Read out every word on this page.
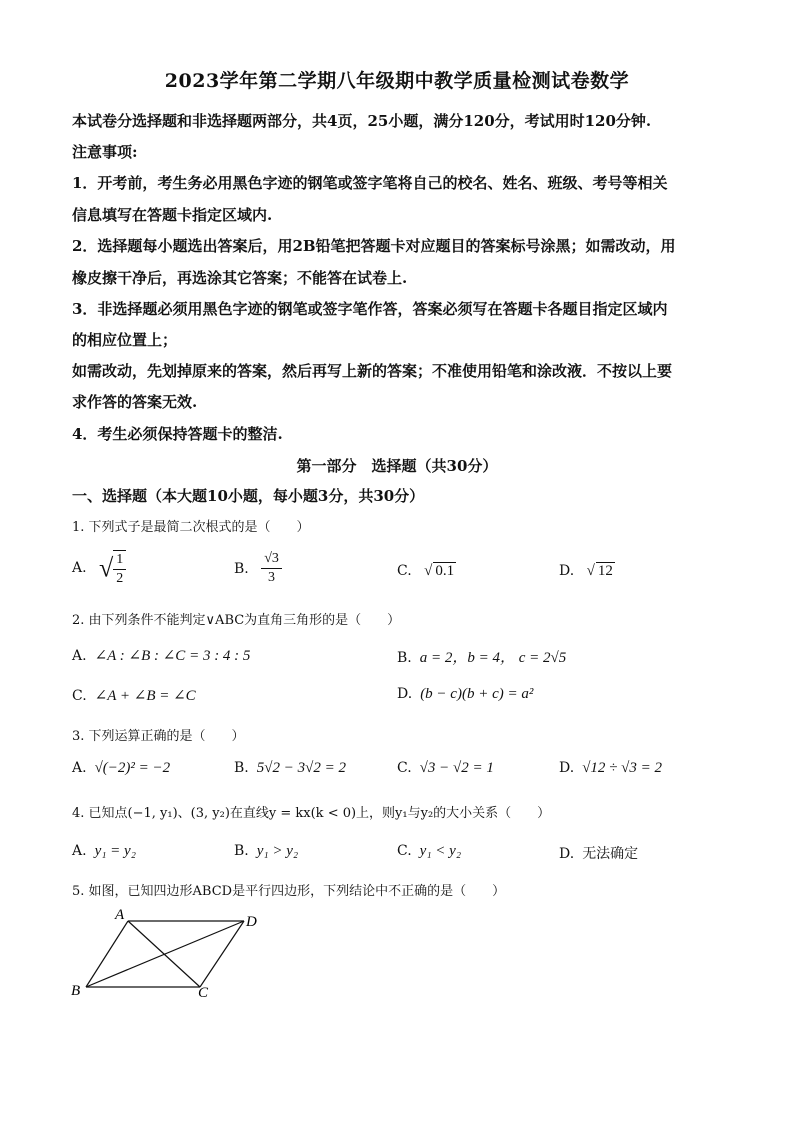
2023学年第二学期八年级期中教学质量检测试卷数学
本试卷分选择题和非选择题两部分，共4页，25小题，满分120分，考试用时120分钟.
注意事项:
1．开考前，考生务必用黑色字迹的钢笔或签字笔将自己的校名、姓名、班级、考号等相关
信息填写在答题卡指定区域内.
2．选择题每小题选出答案后，用2B铅笔把答题卡对应题目的答案标号涂黑；如需改动，用
橡皮擦干净后，再选涂其它答案；不能答在试卷上.
3．非选择题必须用黑色字迹的钢笔或签字笔作答，答案必须写在答题卡各题目指定区域内
的相应位置上；
如需改动，先划掉原来的答案，然后再写上新的答案；不准使用铅笔和涂改液．不按以上要
求作答的答案无效.
4．考生必须保持答题卡的整洁.
第一部分　选择题（共30分）
一、选择题（本大题10小题，每小题3分，共30分）
1. 下列式子是最简二次根式的是（　　）
A. √ $\frac{1}{2}$	B. $\frac{√3}{3}$	C. √ 0.1	D. √ 12
2. 由下列条件不能判定∨ABC为直角三角形的是（　　）
A. ∠A : ∠B : ∠C = 3 : 4 : 5	B. a = 2，b = 4， c = 2√5
C. ∠A + ∠B = ∠C	D. (b − c)(b + c) = a²
3. 下列运算正确的是（　　）
A. √(−2)² = −2	B. 5√2 − 3√2 = 2	C. √3 − √2 = 1	D. √12 ÷ √3 = 2
4. 已知点(−1, y₁)、(3, y₂)在直线y = kx(k < 0)上，则y₁与y₂的大小关系（　　）
A. y₁ = y₂	B. y₁ > y₂	C. y₁ < y₂	D. 无法确定
5. 如图，已知四边形ABCD是平行四边形，下列结论中不正确的是（　　）
A	D
B	C
